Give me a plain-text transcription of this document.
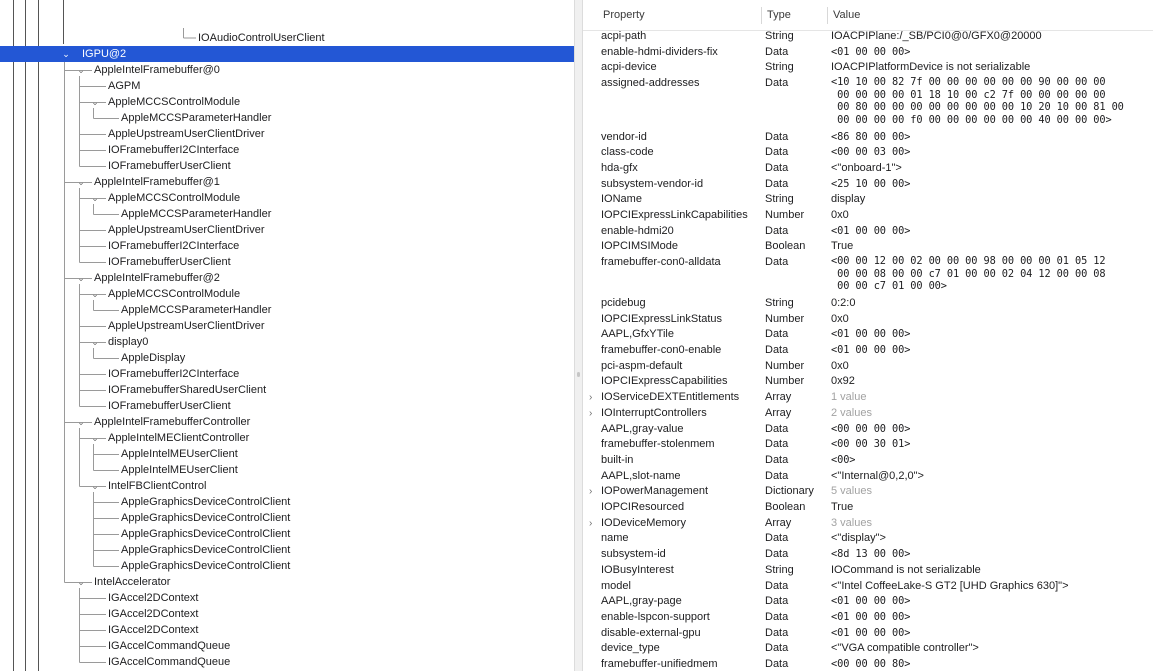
IOAudioControlUserClient
⌄ IGPU@2
⌄ AppleIntelFramebuffer@0
AGPM
⌄ AppleMCCSControlModule
AppleMCCSParameterHandler
AppleUpstreamUserClientDriver
IOFramebufferI2CInterface
IOFramebufferUserClient
⌄ AppleIntelFramebuffer@1
⌄ AppleMCCSControlModule
AppleMCCSParameterHandler
AppleUpstreamUserClientDriver
IOFramebufferI2CInterface
IOFramebufferUserClient
⌄ AppleIntelFramebuffer@2
⌄ AppleMCCSControlModule
AppleMCCSParameterHandler
AppleUpstreamUserClientDriver
⌄ display0
AppleDisplay
IOFramebufferI2CInterface
IOFramebufferSharedUserClient
IOFramebufferUserClient
⌄ AppleIntelFramebufferController
⌄ AppleIntelMEClientController
AppleIntelMEUserClient
AppleIntelMEUserClient
⌄ IntelFBClientControl
AppleGraphicsDeviceControlClient
AppleGraphicsDeviceControlClient
AppleGraphicsDeviceControlClient
AppleGraphicsDeviceControlClient
AppleGraphicsDeviceControlClient
⌄ IntelAccelerator
IGAccel2DContext
IGAccel2DContext
IGAccel2DContext
IGAccelCommandQueue
IGAccelCommandQueue
Property	Type	Value
acpi-path	String	IOACPIPlane:/_SB/PCI0@0/GFX0@20000
enable-hdmi-dividers-fix	Data	<01 00 00 00>
acpi-device	String	IOACPIPlatformDevice is not serializable
assigned-addresses	Data	<10 10 00 82 7f 00 00 00 00 00 00 90 00 00 00
00 00 00 00 01 18 10 00 c2 7f 00 00 00 00 00
00 80 00 00 00 00 00 00 00 00 10 20 10 00 81 00
00 00 00 00 f0 00 00 00 00 00 00 40 00 00 00>
vendor-id	Data	<86 80 00 00>
class-code	Data	<00 00 03 00>
hda-gfx	Data	<"onboard-1">
subsystem-vendor-id	Data	<25 10 00 00>
IOName	String	display
IOPCIExpressLinkCapabilities	Number	0x0
enable-hdmi20	Data	<01 00 00 00>
IOPCIMSIMode	Boolean	True
framebuffer-con0-alldata	Data	<00 00 12 00 02 00 00 00 98 00 00 00 01 05 12
00 00 08 00 00 c7 01 00 00 02 04 12 00 00 08
00 00 c7 01 00 00>
pcidebug	String	0:2:0
IOPCIExpressLinkStatus	Number	0x0
AAPL,GfxYTile	Data	<01 00 00 00>
framebuffer-con0-enable	Data	<01 00 00 00>
pci-aspm-default	Number	0x0
IOPCIExpressCapabilities	Number	0x92
› IOServiceDEXTEntitlements	Array	1 value
› IOInterruptControllers	Array	2 values
AAPL,gray-value	Data	<00 00 00 00>
framebuffer-stolenmem	Data	<00 00 30 01>
built-in	Data	<00>
AAPL,slot-name	Data	<"Internal@0,2,0">
› IOPowerManagement	Dictionary	5 values
IOPCIResourced	Boolean	True
› IODeviceMemory	Array	3 values
name	Data	<"display">
subsystem-id	Data	<8d 13 00 00>
IOBusyInterest	String	IOCommand is not serializable
model	Data	<"Intel CoffeeLake-S GT2 [UHD Graphics 630]">
AAPL,gray-page	Data	<01 00 00 00>
enable-lspcon-support	Data	<01 00 00 00>
disable-external-gpu	Data	<01 00 00 00>
device_type	Data	<"VGA compatible controller">
framebuffer-unifiedmem	Data	<00 00 00 80>
